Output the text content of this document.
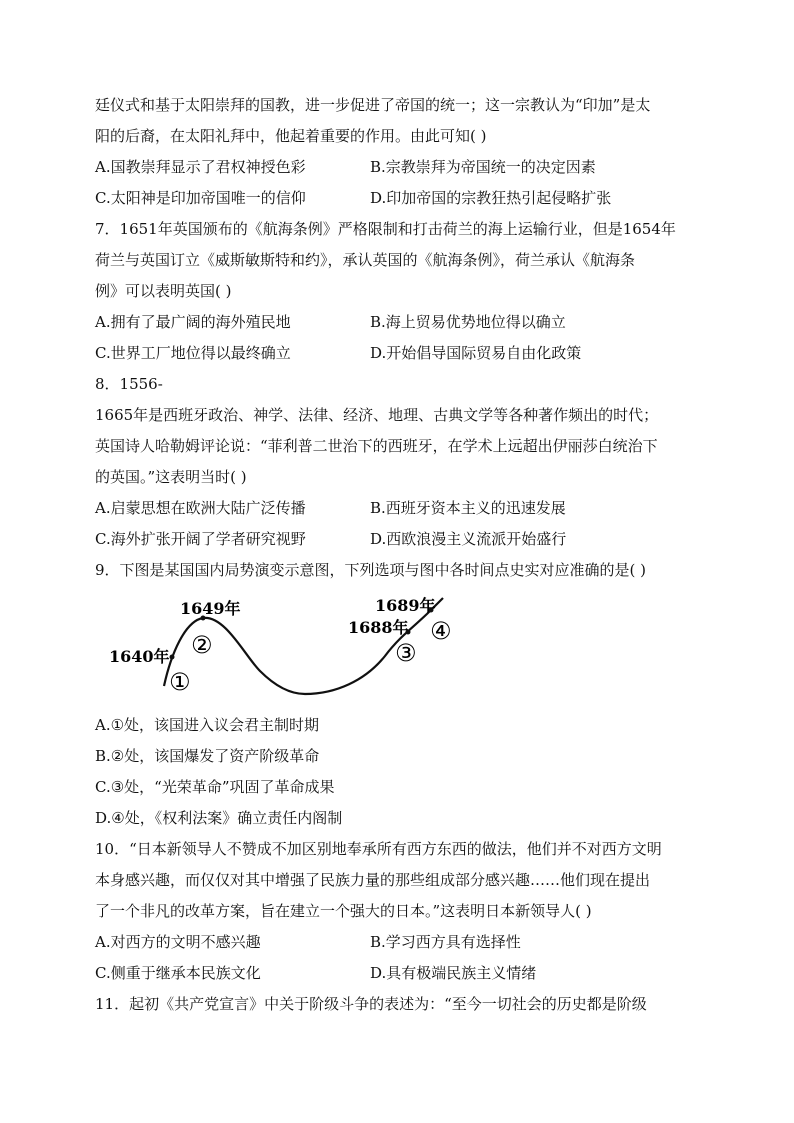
廷仪式和基于太阳崇拜的国教，进一步促进了帝国的统一；这一宗教认为“印加”是太
阳的后裔，在太阳礼拜中，他起着重要的作用。由此可知( )
A.国教崇拜显示了君权神授色彩	B.宗教崇拜为帝国统一的决定因素
C.太阳神是印加帝国唯一的信仰	D.印加帝国的宗教狂热引起侵略扩张
7．1651年英国颁布的《航海条例》严格限制和打击荷兰的海上运输行业，但是1654年
荷兰与英国订立《威斯敏斯特和约》，承认英国的《航海条例》，荷兰承认《航海条
例》可以表明英国( )
A.拥有了最广阔的海外殖民地	B.海上贸易优势地位得以确立
C.世界工厂地位得以最终确立	D.开始倡导国际贸易自由化政策
8．1556-
1665年是西班牙政治、神学、法律、经济、地理、古典文学等各种著作频出的时代；
英国诗人哈勒姆评论说：“菲利普二世治下的西班牙，在学术上远超出伊丽莎白统治下
的英国。”这表明当时( )
A.启蒙思想在欧洲大陆广泛传播	B.西班牙资本主义的迅速发展
C.海外扩张开阔了学者研究视野	D.西欧浪漫主义流派开始盛行
9．下图是某国国内局势演变示意图，下列选项与图中各时间点史实对应准确的是( )
1640年
1649年
1688年
1689年
①
②	③
④
A.①处，该国进入议会君主制时期
B.②处，该国爆发了资产阶级革命
C.③处，“光荣革命”巩固了革命成果
D.④处，《权利法案》确立责任内阁制
10．“日本新领导人不赞成不加区别地奉承所有西方东西的做法，他们并不对西方文明
本身感兴趣，而仅仅对其中增强了民族力量的那些组成部分感兴趣……他们现在提出
了一个非凡的改革方案，旨在建立一个强大的日本。”这表明日本新领导人( )
A.对西方的文明不感兴趣	B.学习西方具有选择性
C.侧重于继承本民族文化	D.具有极端民族主义情绪
11．起初《共产党宣言》中关于阶级斗争的表述为：“至今一切社会的历史都是阶级
